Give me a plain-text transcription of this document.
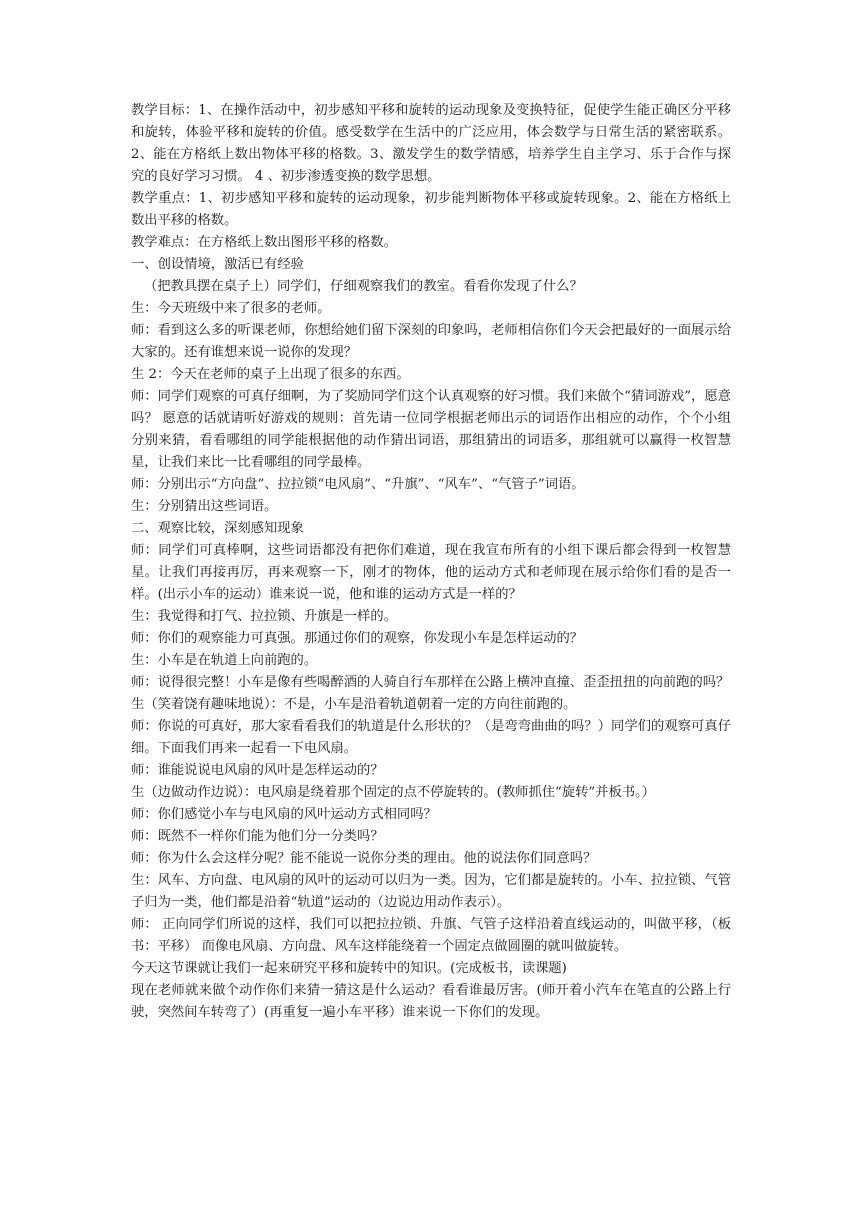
教学目标：1、在操作活动中，初步感知平移和旋转的运动现象及变换特征，促使学生能正确区分平移和旋转，体验平移和旋转的价值。感受数学在生活中的广泛应用，体会数学与日常生活的紧密联系。2、能在方格纸上数出物体平移的格数。3、激发学生的数学情感，培养学生自主学习、乐于合作与探究的良好学习习惯。 4 、初步渗透变换的数学思想。

教学重点：1、初步感知平移和旋转的运动现象，初步能判断物体平移或旋转现象。2、能在方格纸上数出平移的格数。

教学难点：在方格纸上数出图形平移的格数。

一、创设情境，激活已有经验

（把教具摆在桌子上）同学们，仔细观察我们的教室。看看你发现了什么？

生：今天班级中来了很多的老师。

师：看到这么多的听课老师，你想给她们留下深刻的印象吗，老师相信你们今天会把最好的一面展示给大家的。还有谁想来说一说你的发现？

生 2：今天在老师的桌子上出现了很多的东西。

师：同学们观察的可真仔细啊，为了奖励同学们这个认真观察的好习惯。我们来做个“猜词游戏”，愿意吗？ 愿意的话就请听好游戏的规则：首先请一位同学根据老师出示的词语作出相应的动作，个个小组分别来猜，看看哪组的同学能根据他的动作猜出词语，那组猜出的词语多，那组就可以赢得一枚智慧星，让我们来比一比看哪组的同学最棒。

师：分别出示“方向盘”、拉拉锁“电风扇”、“升旗”、“风车”、“气管子”词语。

生：分别猜出这些词语。

二、观察比较，深刻感知现象

师：同学们可真棒啊，这些词语都没有把你们难道，现在我宣布所有的小组下课后都会得到一枚智慧星。让我们再接再厉，再来观察一下，刚才的物体，他的运动方式和老师现在展示给你们看的是否一样。(出示小车的运动）谁来说一说，他和谁的运动方式是一样的？

生：我觉得和打气、拉拉锁、升旗是一样的。

师：你们的观察能力可真强。那通过你们的观察，你发现小车是怎样运动的？

生：小车是在轨道上向前跑的。

师：说得很完整！小车是像有些喝醉酒的人骑自行车那样在公路上横冲直撞、歪歪扭扭的向前跑的吗？

生（笑着饶有趣味地说）：不是，小车是沿着轨道朝着一定的方向往前跑的。

师：你说的可真好，那大家看看我们的轨道是什么形状的？（是弯弯曲曲的吗？）同学们的观察可真仔细。下面我们再来一起看一下电风扇。

师：谁能说说电风扇的风叶是怎样运动的？

生（边做动作边说）：电风扇是绕着那个固定的点不停旋转的。(教师抓住“旋转”并板书。）

师：你们感觉小车与电风扇的风叶运动方式相同吗？

师：既然不一样你们能为他们分一分类吗？

师：你为什么会这样分呢？能不能说一说你分类的理由。他的说法你们同意吗？

生：风车、方向盘、电风扇的风叶的运动可以归为一类。因为，它们都是旋转的。小车、拉拉锁、气管子归为一类，他们都是沿着“轨道”运动的（边说边用动作表示）。

师： 正向同学们所说的这样，我们可以把拉拉锁、升旗、气管子这样沿着直线运动的，叫做平移，（板书：平移） 而像电风扇、方向盘、风车这样能绕着一个固定点做圆圈的就叫做旋转。

今天这节课就让我们一起来研究平移和旋转中的知识。(完成板书，读课题)

现在老师就来做个动作你们来猜一猜这是什么运动？看看谁最厉害。(师开着小汽车在笔直的公路上行驶，突然间车转弯了）(再重复一遍小车平移）谁来说一下你们的发现。
